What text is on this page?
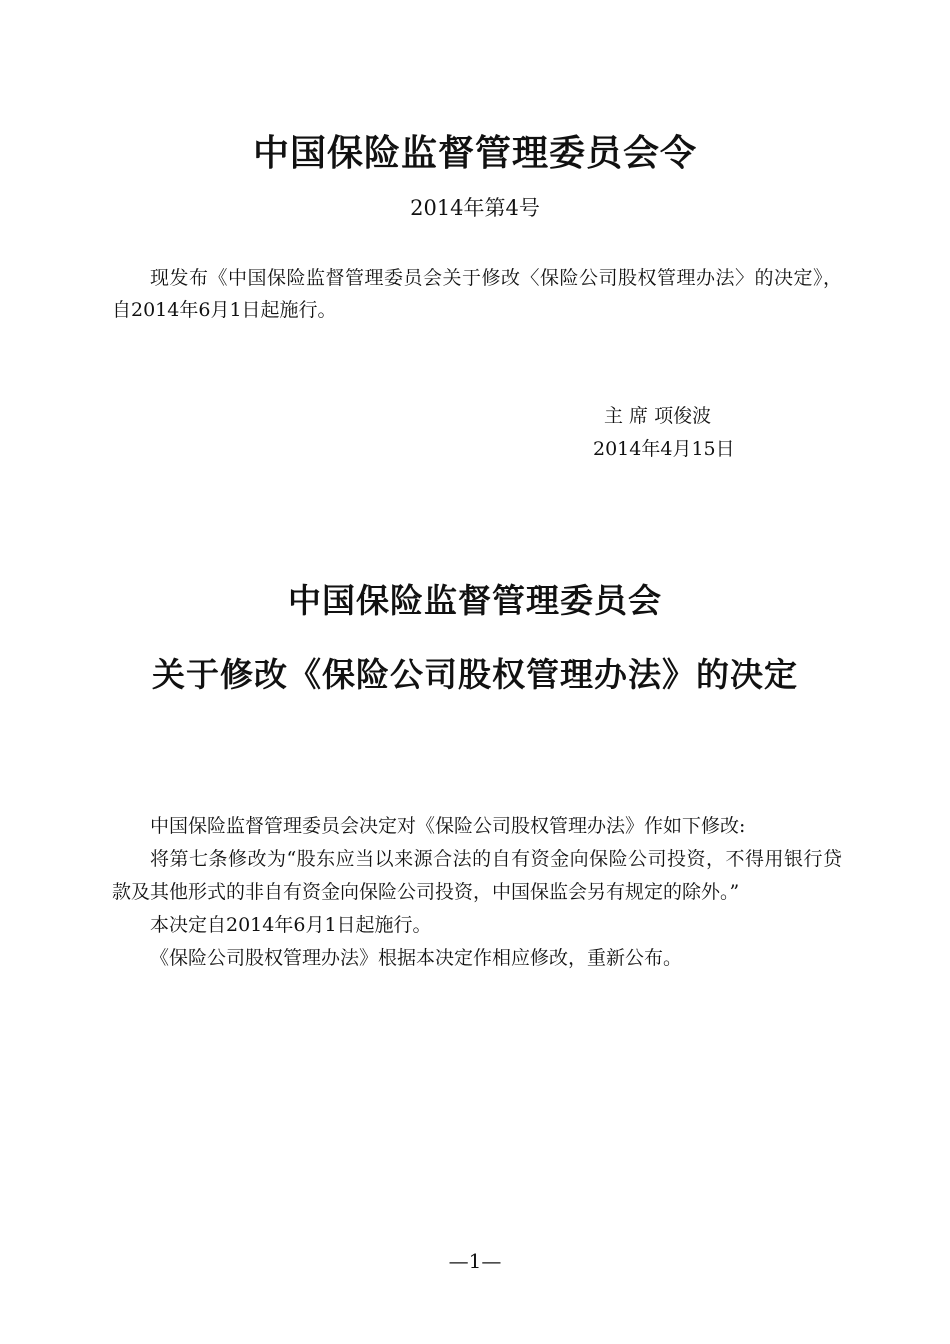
中国保险监督管理委员会令
2014年第4号
现发布《中国保险监督管理委员会关于修改〈保险公司股权管理办法〉的决定》，自2014年6月1日起施行。
主 席 项俊波
2014年4月15日
中国保险监督管理委员会
关于修改《保险公司股权管理办法》的决定

中国保险监督管理委员会决定对《保险公司股权管理办法》作如下修改:

将第七条修改为“股东应当以来源合法的自有资金向保险公司投资，不得用银行贷款及其他形式的非自有资金向保险公司投资，中国保监会另有规定的除外。”

本决定自2014年6月1日起施行。

《保险公司股权管理办法》根据本决定作相应修改，重新公布。

—1—
